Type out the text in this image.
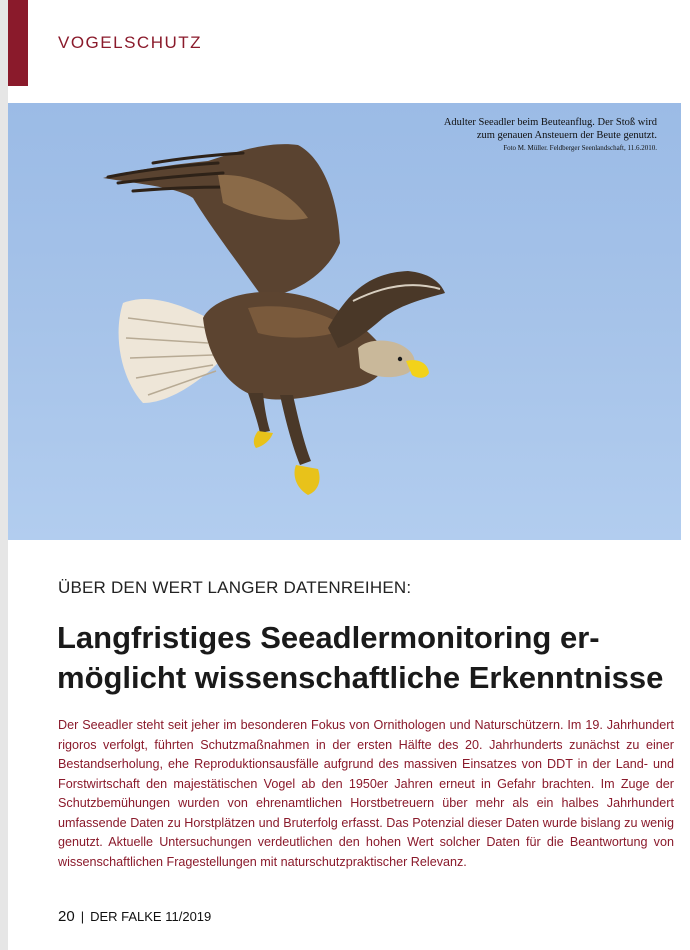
VOGELSCHUTZ
Adulter Seeadler beim Beuteanflug. Der Stoß wird
zum genauen Ansteuern der Beute genutzt.
Foto M. Müller. Feldberger Seenlandschaft, 11.6.2010.
ÜBER DEN WERT LANGER DATENREIHEN:
Langfristiges Seeadlermonitoring er-
möglicht wissenschaftliche Erkenntnisse

Der Seeadler steht seit jeher im besonderen Fokus von Ornithologen und Naturschützern. Im 19. Jahrhundert rigoros verfolgt, führten Schutzmaßnahmen in der ersten Hälfte des 20. Jahrhunderts zunächst zu einer Bestandserholung, ehe Reproduktionsausfälle aufgrund des massiven Einsatzes von DDT in der Land- und Forstwirtschaft den majestätischen Vogel ab den 1950er Jahren erneut in Gefahr brachten. Im Zuge der Schutzbemühungen wurden von ehrenamtlichen Horstbetreuern über mehr als ein halbes Jahrhundert umfassende Daten zu Horstplätzen und Bruterfolg erfasst. Das Potenzial dieser Daten wurde bislang zu wenig genutzt. Aktuelle Untersuchungen verdeutlichen den hohen Wert solcher Daten für die Beantwortung von wissenschaftlichen Fragestellungen mit naturschutzpraktischer Relevanz.

20 | DER FALKE 11/2019
